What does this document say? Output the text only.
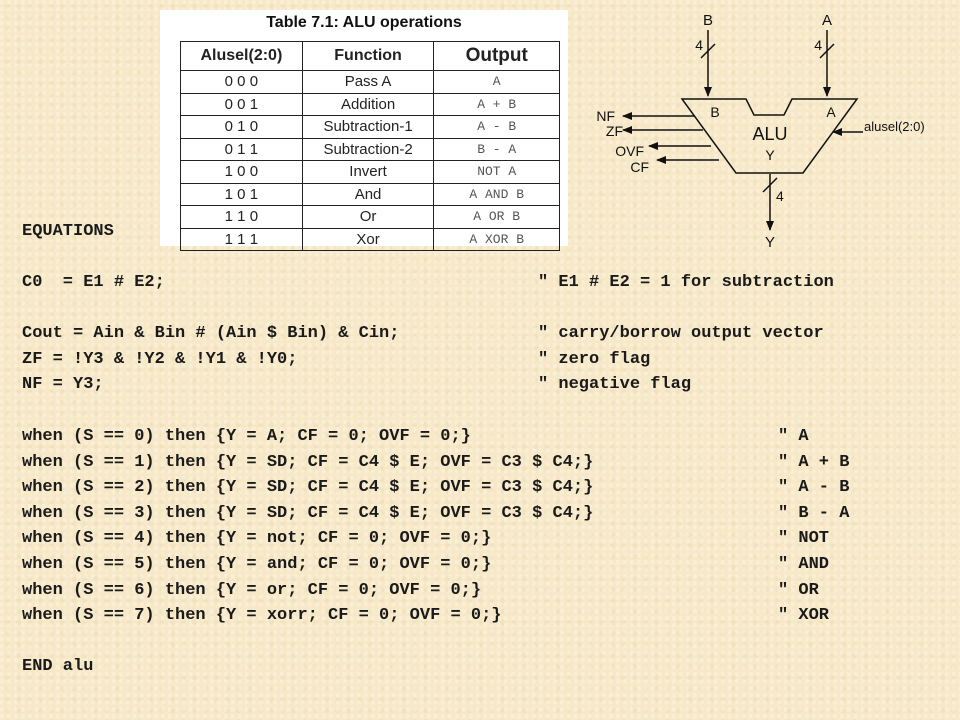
Table 7.1: ALU operations
Alusel(2:0)	Function	Output
0 0 0	Pass A	A
0 0 1	Addition	A + B
0 1 0	Subtraction-1	A - B
0 1 1	Subtraction-2	B - A
1 0 0	Invert	NOT A
1 0 1	And	A AND B
1 1 0	Or	A OR B
1 1 1	Xor	A XOR B
B
4
A
4
B	A
ALU
Y
alusel(2:0)
NF
ZF
OVF
CF
4
Y
EQUATIONS
C0  = E1 # E2;	" E1 # E2 = 1 for subtraction
Cout = Ain & Bin # (Ain $ Bin) & Cin;	" carry/borrow output vector
ZF = !Y3 & !Y2 & !Y1 & !Y0;	" zero flag
NF = Y3;	" negative flag
when (S == 0) then {Y = A; CF = 0; OVF = 0;}	" A
when (S == 1) then {Y = SD; CF = C4 $ E; OVF = C3 $ C4;}	" A + B
when (S == 2) then {Y = SD; CF = C4 $ E; OVF = C3 $ C4;}	" A - B
when (S == 3) then {Y = SD; CF = C4 $ E; OVF = C3 $ C4;}	" B - A
when (S == 4) then {Y = not; CF = 0; OVF = 0;}	" NOT
when (S == 5) then {Y = and; CF = 0; OVF = 0;}	" AND
when (S == 6) then {Y = or; CF = 0; OVF = 0;}	" OR
when (S == 7) then {Y = xorr; CF = 0; OVF = 0;}	" XOR
END alu
